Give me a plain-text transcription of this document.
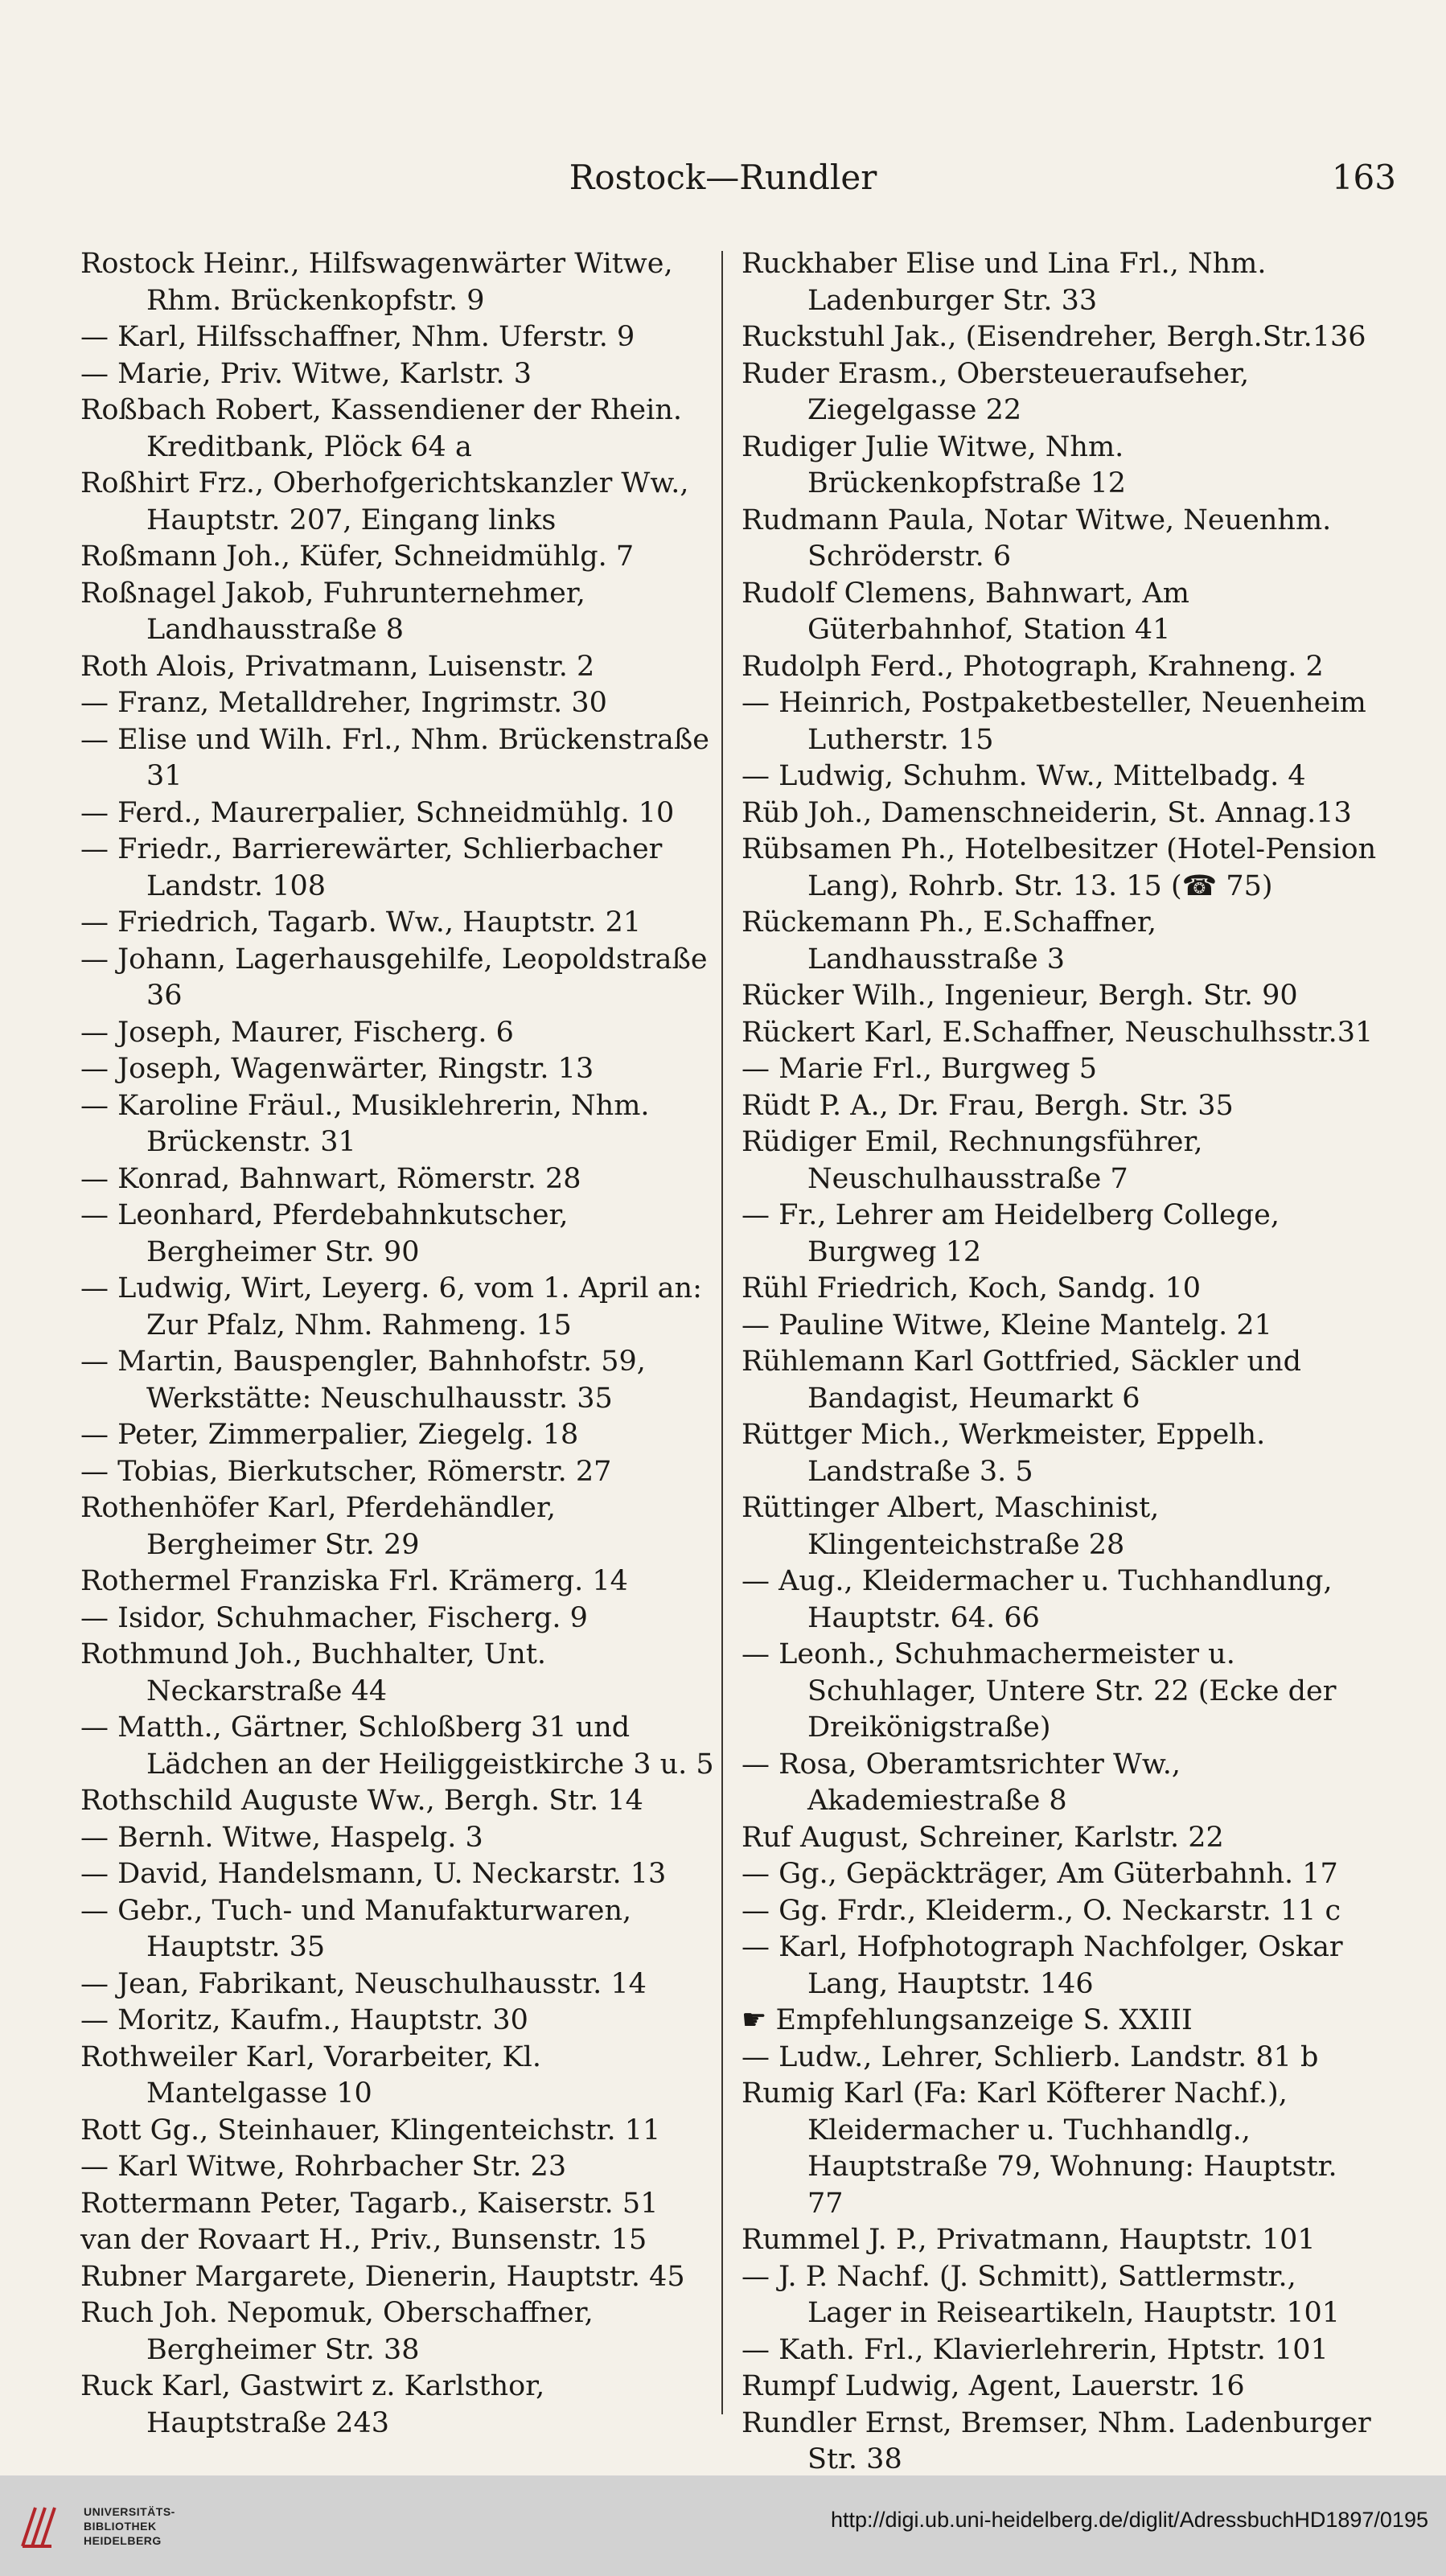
Rostock—Rundler	163
Rostock Heinr., Hilfswagenwärter Witwe, Rhm. Brückenkopfstr. 9
— Karl, Hilfsschaffner, Nhm. Uferstr. 9
— Marie, Priv. Witwe, Karlstr. 3
Roßbach Robert, Kassendiener der Rhein. Kreditbank, Plöck 64 a
Roßhirt Frz., Oberhofgerichtskanzler Ww., Hauptstr. 207, Eingang links
Roßmann Joh., Küfer, Schneidmühlg. 7
Roßnagel Jakob, Fuhrunternehmer, Landhausstraße 8
Roth Alois, Privatmann, Luisenstr. 2
— Franz, Metalldreher, Ingrimstr. 30
— Elise und Wilh. Frl., Nhm. Brückenstraße 31
— Ferd., Maurerpalier, Schneidmühlg. 10
— Friedr., Barrierewärter, Schlierbacher Landstr. 108
— Friedrich, Tagarb. Ww., Hauptstr. 21
— Johann, Lagerhausgehilfe, Leopoldstraße 36
— Joseph, Maurer, Fischerg. 6
— Joseph, Wagenwärter, Ringstr. 13
— Karoline Fräul., Musiklehrerin, Nhm. Brückenstr. 31
— Konrad, Bahnwart, Römerstr. 28
— Leonhard, Pferdebahnkutscher, Bergheimer Str. 90
— Ludwig, Wirt, Leyerg. 6, vom 1. April an: Zur Pfalz, Nhm. Rahmeng. 15
— Martin, Bauspengler, Bahnhofstr. 59, Werkstätte: Neuschulhausstr. 35
— Peter, Zimmerpalier, Ziegelg. 18
— Tobias, Bierkutscher, Römerstr. 27
Rothenhöfer Karl, Pferdehändler, Bergheimer Str. 29
Rothermel Franziska Frl. Krämerg. 14
— Isidor, Schuhmacher, Fischerg. 9
Rothmund Joh., Buchhalter, Unt. Neckarstraße 44
— Matth., Gärtner, Schloßberg 31 und Lädchen an der Heiliggeistkirche 3 u. 5
Rothschild Auguste Ww., Bergh. Str. 14
— Bernh. Witwe, Haspelg. 3
— David, Handelsmann, U. Neckarstr. 13
— Gebr., Tuch- und Manufakturwaren, Hauptstr. 35
— Jean, Fabrikant, Neuschulhausstr. 14
— Moritz, Kaufm., Hauptstr. 30
Rothweiler Karl, Vorarbeiter, Kl. Mantelgasse 10
Rott Gg., Steinhauer, Klingenteichstr. 11
— Karl Witwe, Rohrbacher Str. 23
Rottermann Peter, Tagarb., Kaiserstr. 51
van der Rovaart H., Priv., Bunsenstr. 15
Rubner Margarete, Dienerin, Hauptstr. 45
Ruch Joh. Nepomuk, Oberschaffner, Bergheimer Str. 38
Ruck Karl, Gastwirt z. Karlsthor, Hauptstraße 243
Ruckhaber Elise und Lina Frl., Nhm. Ladenburger Str. 33
Ruckstuhl Jak., (Eisendreher, Bergh.Str.136
Ruder Erasm., Obersteueraufseher, Ziegelgasse 22
Rudiger Julie Witwe, Nhm. Brückenkopfstraße 12
Rudmann Paula, Notar Witwe, Neuenhm. Schröderstr. 6
Rudolf Clemens, Bahnwart, Am Güterbahnhof, Station 41
Rudolph Ferd., Photograph, Krahneng. 2
— Heinrich, Postpaketbesteller, Neuenheim Lutherstr. 15
— Ludwig, Schuhm. Ww., Mittelbadg. 4
Rüb Joh., Damenschneiderin, St. Annag.13
Rübsamen Ph., Hotelbesitzer (Hotel-Pension Lang), Rohrb. Str. 13. 15 (☎ 75)
Rückemann Ph., E.Schaffner, Landhausstraße 3
Rücker Wilh., Ingenieur, Bergh. Str. 90
Rückert Karl, E.Schaffner, Neuschulhsstr.31
— Marie Frl., Burgweg 5
Rüdt P. A., Dr. Frau, Bergh. Str. 35
Rüdiger Emil, Rechnungsführer, Neuschulhausstraße 7
— Fr., Lehrer am Heidelberg College, Burgweg 12
Rühl Friedrich, Koch, Sandg. 10
— Pauline Witwe, Kleine Mantelg. 21
Rühlemann Karl Gottfried, Säckler und Bandagist, Heumarkt 6
Rüttger Mich., Werkmeister, Eppelh. Landstraße 3. 5
Rüttinger Albert, Maschinist, Klingenteichstraße 28
— Aug., Kleidermacher u. Tuchhandlung, Hauptstr. 64. 66
— Leonh., Schuhmachermeister u. Schuhlager, Untere Str. 22 (Ecke der Dreikönigstraße)
— Rosa, Oberamtsrichter Ww., Akademiestraße 8
Ruf August, Schreiner, Karlstr. 22
— Gg., Gepäckträger, Am Güterbahnh. 17
— Gg. Frdr., Kleiderm., O. Neckarstr. 11 c
— Karl, Hofphotograph Nachfolger, Oskar Lang, Hauptstr. 146
☛ Empfehlungsanzeige S. XXIII
— Ludw., Lehrer, Schlierb. Landstr. 81 b
Rumig Karl (Fa: Karl Köfterer Nachf.), Kleidermacher u. Tuchhandlg., Hauptstraße 79, Wohnung: Hauptstr. 77
Rummel J. P., Privatmann, Hauptstr. 101
— J. P. Nachf. (J. Schmitt), Sattlermstr., Lager in Reiseartikeln, Hauptstr. 101
— Kath. Frl., Klavierlehrerin, Hptstr. 101
Rumpf Ludwig, Agent, Lauerstr. 16
Rundler Ernst, Bremser, Nhm. Ladenburger Str. 38
UNIVERSITÄTS-
BIBLIOTHEK
HEIDELBERG
http://digi.ub.uni-heidelberg.de/diglit/AdressbuchHD1897/0195
